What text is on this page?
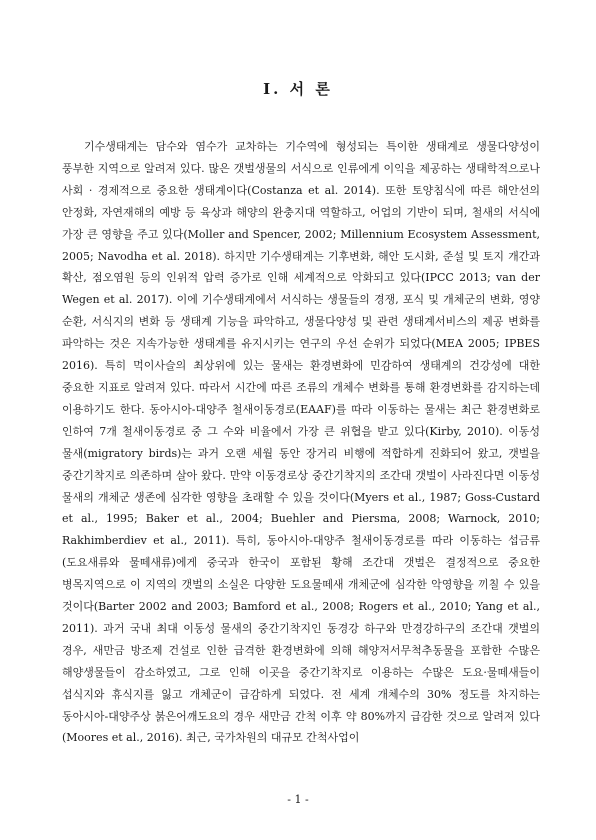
Ⅰ. 서 론

기수생태계는 담수와 염수가 교차하는 기수역에 형성되는 특이한 생태계로 생물다양성이 풍부한 지역으로 알려져 있다. 많은 갯벌생물의 서식으로 인류에게 이익을 제공하는 생태학적으로나 사회 · 경제적으로 중요한 생태계이다(Costanza et al. 2014). 또한 토양침식에 따른 해안선의 안정화, 자연재해의 예방 등 육상과 해양의 완충지대 역할하고, 어업의 기반이 되며, 철새의 서식에 가장 큰 영향을 주고 있다(Moller and Spencer, 2002; Millennium Ecosystem Assessment, 2005; Navodha et al. 2018). 하지만 기수생태계는 기후변화, 해안 도시화, 준설 및 토지 개간과 확산, 점오염원 등의 인위적 압력 증가로 인해 세계적으로 악화되고 있다(IPCC 2013; van der Wegen et al. 2017). 이에 기수생태계에서 서식하는 생물들의 경쟁, 포식 및 개체군의 변화, 영양 순환, 서식지의 변화 등 생태계 기능을 파악하고, 생물다양성 및 관련 생태계서비스의 제공 변화를 파악하는 것은 지속가능한 생태계를 유지시키는 연구의 우선 순위가 되었다(MEA 2005; IPBES 2016). 특히 먹이사슬의 최상위에 있는 물새는 환경변화에 민감하여 생태계의 건강성에 대한 중요한 지표로 알려져 있다. 따라서 시간에 따른 조류의 개체수 변화를 통해 환경변화를 감지하는데 이용하기도 한다. 동아시아-대양주 철새이동경로(EAAF)를 따라 이동하는 물새는 최근 환경변화로 인하여 7개 철새이동경로 중 그 수와 비율에서 가장 큰 위협을 받고 있다(Kirby, 2010). 이동성 물새(migratory birds)는 과거 오랜 세월 동안 장거리 비행에 적합하게 진화되어 왔고, 갯벌을 중간기착지로 의존하며 살아 왔다. 만약 이동경로상 중간기착지의 조간대 갯벌이 사라진다면 이동성 물새의 개체군 생존에 심각한 영향을 초래할 수 있을 것이다(Myers et al., 1987; Goss-Custard et al., 1995; Baker et al., 2004; Buehler and Piersma, 2008; Warnock, 2010; Rakhimberdiev et al., 2011). 특히, 동아시아-대양주 철새이동경로를 따라 이동하는 섭금류(도요새류와 물떼새류)에게 중국과 한국이 포함된 황해 조간대 갯벌은 결정적으로 중요한 병목지역으로 이 지역의 갯벌의 소실은 다양한 도요물떼새 개체군에 심각한 악영향을 끼칠 수 있을 것이다(Barter 2002 and 2003; Bamford et al., 2008; Rogers et al., 2010; Yang et al., 2011). 과거 국내 최대 이동성 물새의 중간기착지인 동경강 하구와 만경강하구의 조간대 갯벌의 경우, 새만금 방조제 건설로 인한 급격한 환경변화에 의해 해양저서무척추동물을 포함한 수많은 해양생물들이 감소하였고, 그로 인해 이곳을 중간기착지로 이용하는 수많은 도요·물떼새들이 섭식지와 휴식지를 잃고 개체군이 급감하게 되었다. 전 세계 개체수의 30% 정도를 차지하는 동아시아-대양주상 붉은어깨도요의 경우 새만금 간척 이후 약 80%까지 급감한 것으로 알려져 있다(Moores et al., 2016). 최근, 국가차원의 대규모 간척사업이

- 1 -
